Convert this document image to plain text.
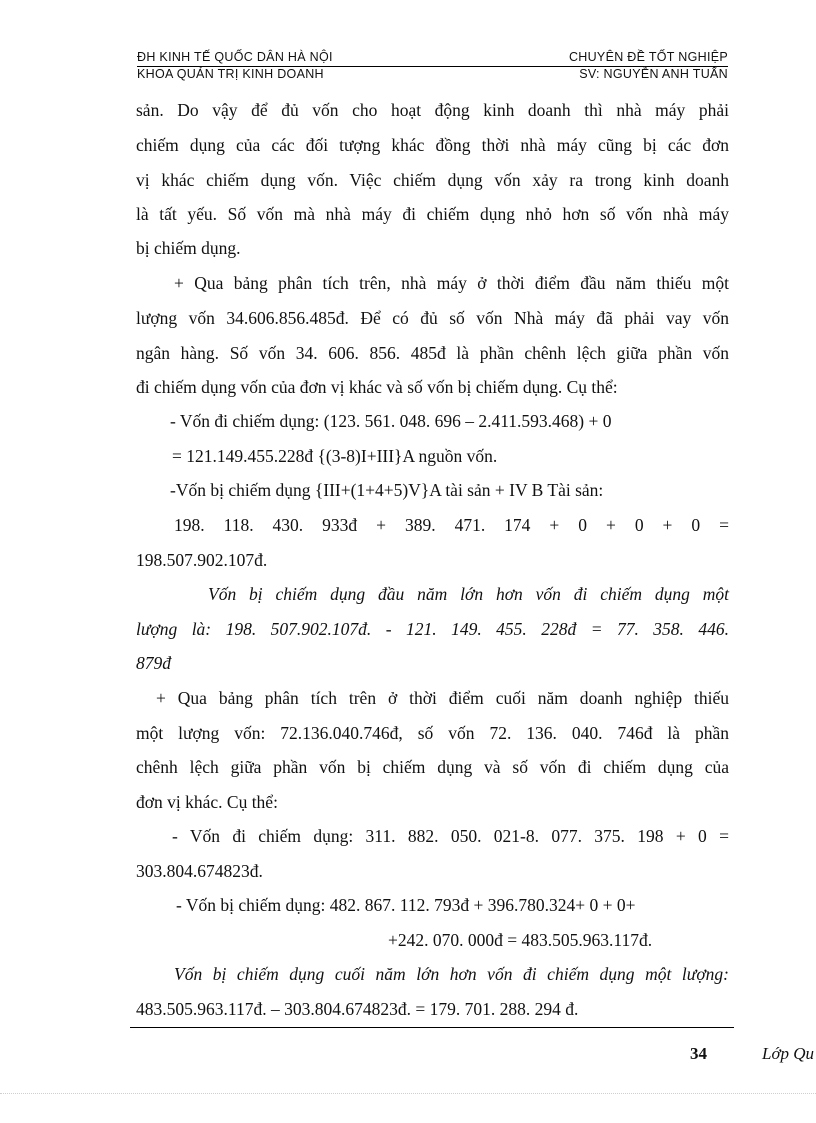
ĐH KINH TẾ QUỐC DÂN HÀ NỘI	CHUYÊN ĐỀ TỐT NGHIỆP
KHOA QUẢN TRỊ KINH DOANH	SV: NGUYỄN ANH TUẤN
sản. Do vậy để đủ vốn cho hoạt động kinh doanh thì nhà máy phải
chiếm dụng của các đối tượng khác đồng thời nhà máy cũng bị các đơn
vị khác chiếm dụng vốn. Việc chiếm dụng vốn xảy ra trong kinh doanh
là tất yếu. Số vốn mà nhà máy đi chiếm dụng nhỏ hơn số vốn nhà máy
bị chiếm dụng.
+ Qua bảng phân tích trên, nhà máy ở thời điểm đầu năm thiếu một
lượng vốn 34.606.856.485đ. Để có đủ số vốn Nhà máy đã phải vay vốn
ngân hàng. Số vốn 34. 606. 856. 485đ là phần chênh lệch giữa phần vốn
đi chiếm dụng vốn của đơn vị khác và số vốn bị chiếm dụng. Cụ thể:
- Vốn đi chiếm dụng: (123. 561. 048. 696 – 2.411.593.468) + 0
= 121.149.455.228đ {(3-8)I+III}A nguồn vốn.
-Vốn bị chiếm dụng {III+(1+4+5)V}A tài sản + IV B Tài sản:
198. 118. 430. 933đ + 389. 471. 174 + 0 + 0 + 0 =
198.507.902.107đ.
Vốn bị chiếm dụng đầu năm lớn hơn vốn đi chiếm dụng một
lượng là: 198. 507.902.107đ. - 121. 149. 455. 228đ = 77. 358. 446.
879đ
+ Qua bảng phân tích trên ở thời điểm cuối năm doanh nghiệp thiếu
một lượng vốn: 72.136.040.746đ, số vốn 72. 136. 040. 746đ là phần
chênh lệch giữa phần vốn bị chiếm dụng và số vốn đi chiếm dụng của
đơn vị khác. Cụ thể:
- Vốn đi chiếm dụng: 311. 882. 050. 021-8. 077. 375. 198 + 0 =
303.804.674823đ.
- Vốn bị chiếm dụng: 482. 867. 112. 793đ + 396.780.324+ 0 + 0+
+242. 070. 000đ = 483.505.963.117đ.
Vốn bị chiếm dụng cuối năm lớn hơn vốn đi chiếm dụng một lượng:
483.505.963.117đ. – 303.804.674823đ. = 179. 701. 288. 294 đ.
34	Lớp Qu
